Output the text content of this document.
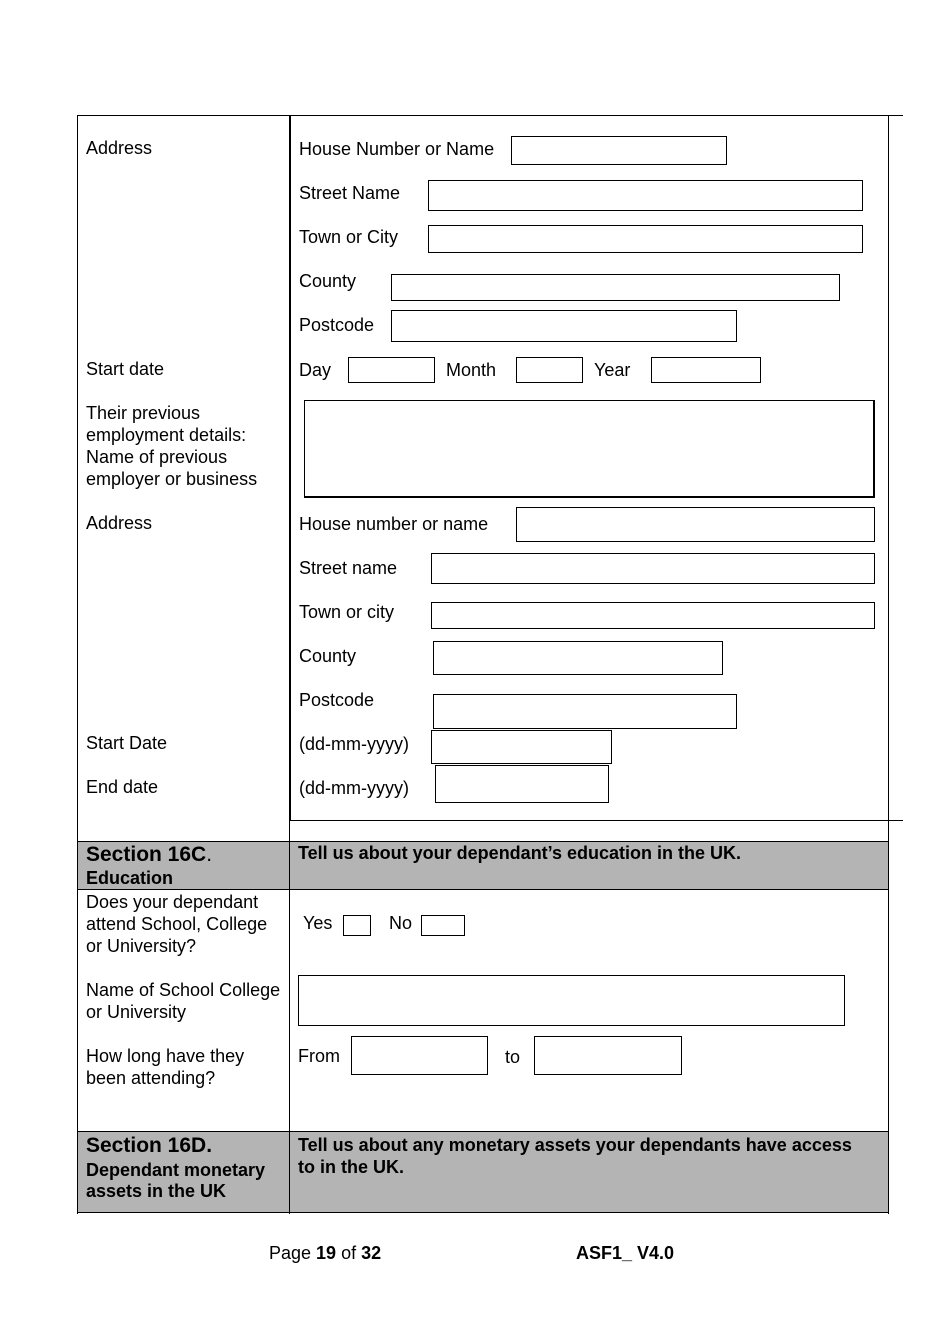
Address	House Number or Name
Street Name
Town or City
County
Postcode
Start date	Day	Month	Year
Their previous employment details: Name of previous employer or business
Address	House number or name
Street name
Town or city
County
Postcode
Start Date	(dd-mm-yyyy)
End date	(dd-mm-yyyy)
Section 16C.
Education
Tell us about your dependant’s education in the UK.
Does your dependant attend School, College or University?
Yes	No
Name of School College or University
How long have they been attending?
From	to
Section 16D.
Dependant monetary assets in the UK
Tell us about any monetary assets your dependants have access to in the UK.
Page 19 of 32	ASF1_ V4.0
